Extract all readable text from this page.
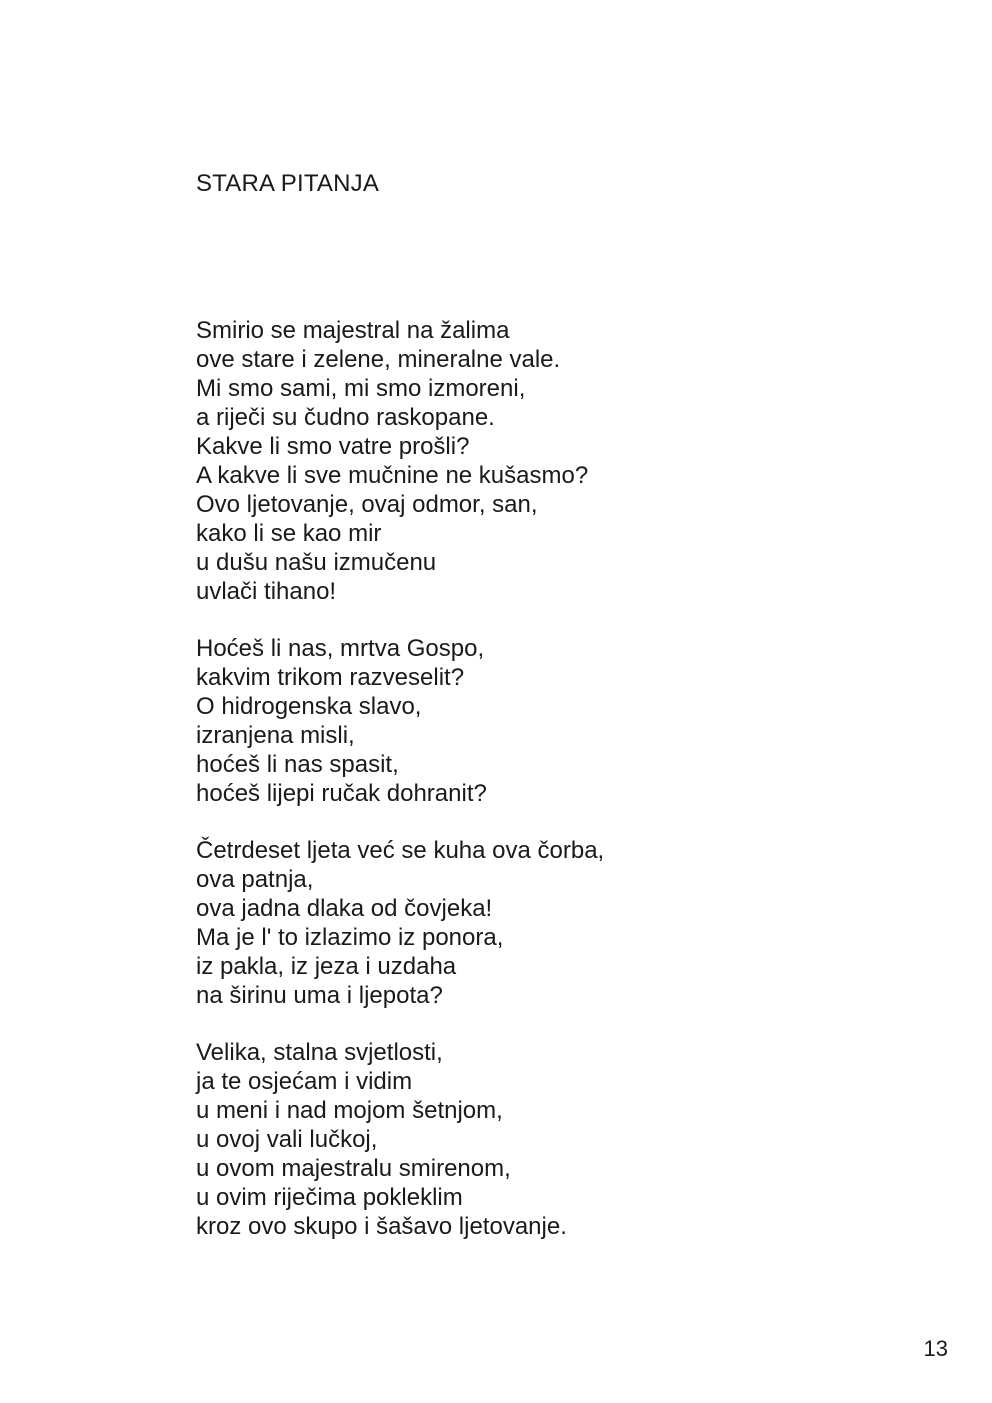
STARA PITANJA
Smirio se majestral na žalima
ove stare i zelene, mineralne vale.
Mi smo sami, mi smo izmoreni,
a riječi su čudno raskopane.
Kakve li smo vatre prošli?
A kakve li sve mučnine ne kušasmo?
Ovo ljetovanje, ovaj odmor, san,
kako li se kao mir
u dušu našu izmučenu
uvlači tihano!
Hoćeš li nas, mrtva Gospo,
kakvim trikom razveselit?
O hidrogenska slavo,
izranjena misli,
hoćeš li nas spasit,
hoćeš lijepi ručak dohranit?
Četrdeset ljeta već se kuha ova čorba,
ova patnja,
ova jadna dlaka od čovjeka!
Ma je l' to izlazimo iz ponora,
iz pakla, iz jeza i uzdaha
na širinu uma i ljepota?
Velika, stalna svjetlosti,
ja te osjećam i vidim
u meni i nad mojom šetnjom,
u ovoj vali lučkoj,
u ovom majestralu smirenom,
u ovim riječima pokleklim
kroz ovo skupo i šašavo ljetovanje.
13
